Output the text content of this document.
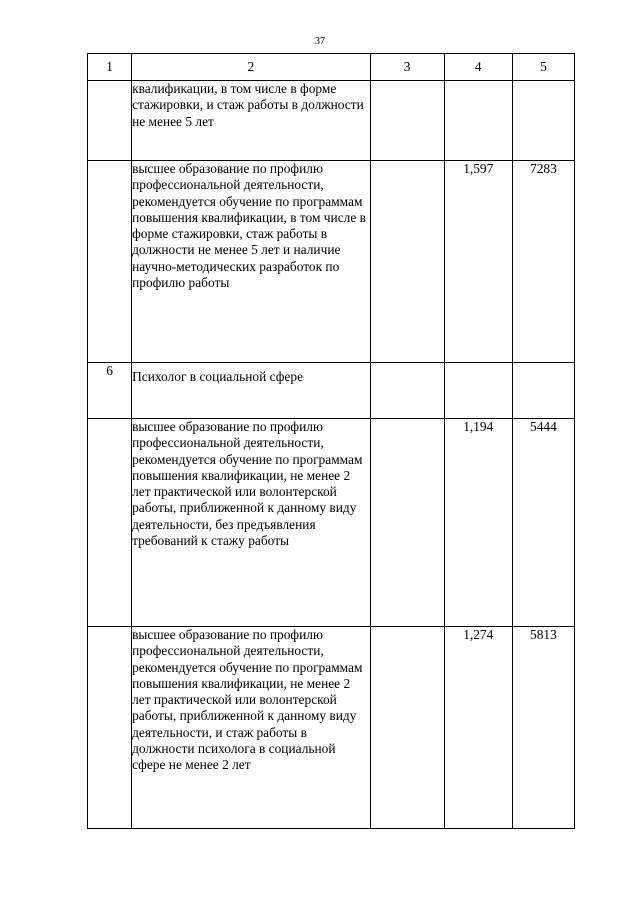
37
1	2	3	4	5
	квалификации, в том числе в форме стажировки, и стаж работы в должности не менее 5 лет			
	высшее образование по профилю профессиональной деятельности, рекомендуется обучение по программам повышения квалификации, в том числе в форме стажировки, стаж работы в должности не менее 5 лет и наличие научно-методических разработок по профилю работы		1,597	7283
6	Психолог в социальной сфере			
	высшее образование по профилю профессиональной деятельности, рекомендуется обучение по программам повышения квалификации, не менее 2 лет практической или волонтерской работы, приближенной к данному виду деятельности, без предъявления требований к стажу работы		1,194	5444
	высшее образование по профилю профессиональной деятельности, рекомендуется обучение по программам повышения квалификации, не менее 2 лет практической или волонтерской работы, приближенной к данному виду деятельности, и стаж работы в должности психолога в социальной сфере не менее 2 лет		1,274	5813
